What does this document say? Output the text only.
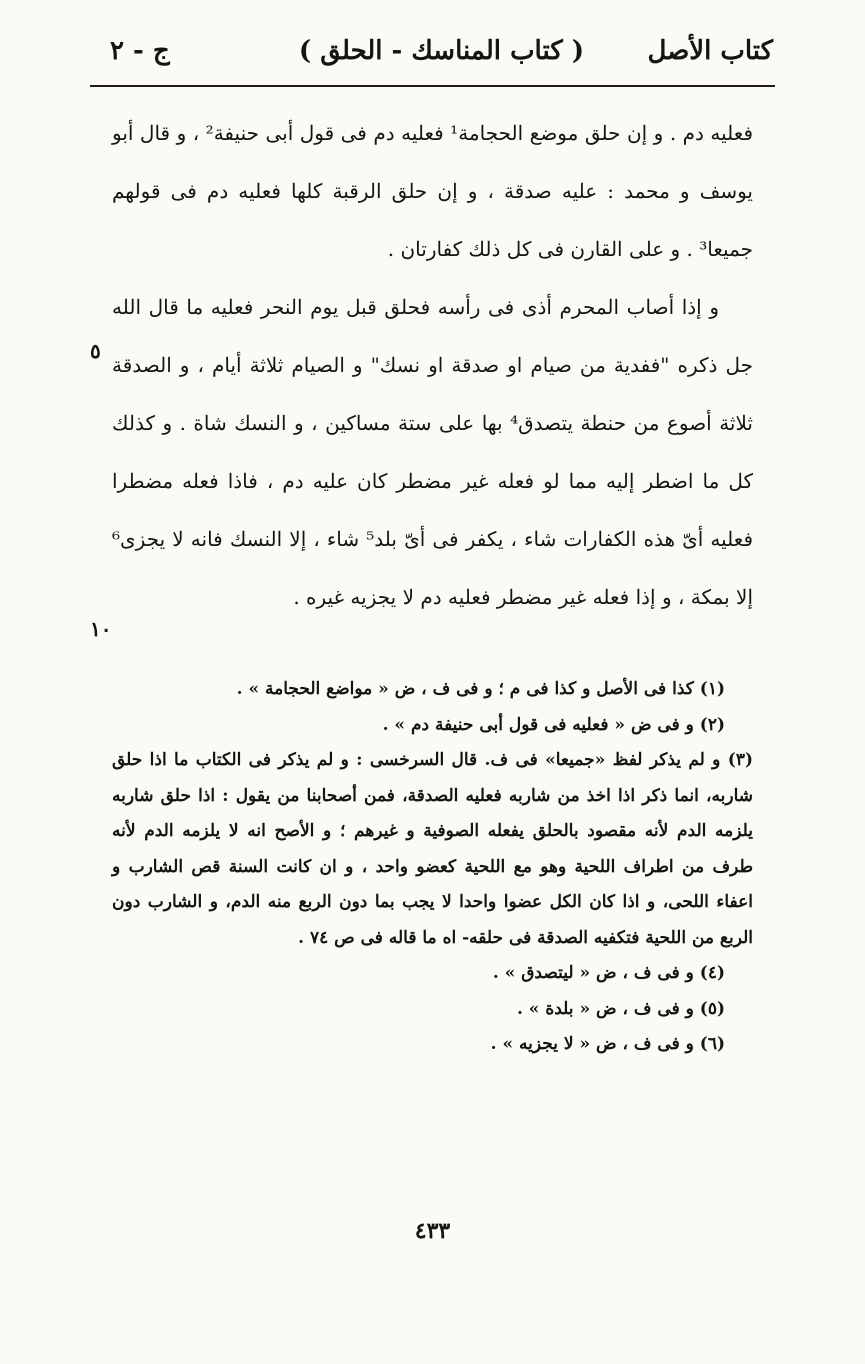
كتاب الأصل
( كتاب المناسك - الحلق )
ج - ٢

فعليه دم . و إن حلق موضع الحجامة¹ فعليه دم فى قول أبى حنيفة² ، و قال أبو يوسف و محمد : عليه صدقة ، و إن حلق الرقبة كلها فعليه دم فى قولهم جميعا³ . و على القارن فى كل ذلك كفارتان .

و إذا أصاب المحرم أذى فى رأسه فحلق قبل يوم النحر فعليه ما قال الله جل ذكره "ففدية من صيام او صدقة او نسك" و الصيام ثلاثة أيام ، و الصدقة ثلاثة أصوع من حنطة يتصدق⁴ بها على ستة مساكين ، و النسك شاة . و كذلك كل ما اضطر إليه مما لو فعله غير مضطر كان عليه دم ، فاذا فعله مضطرا فعليه أىّ هذه الكفارات شاء ، يكفر فى أىّ بلد⁵ شاء ، إلا النسك فانه لا يجزى⁶ إلا بمكة ، و إذا فعله غير مضطر فعليه دم لا يجزيه غيره .

٥
١٠

(١) كذا فى الأصل و كذا فى م ؛ و فى ف ، ض « مواضع الحجامة » .

(٢) و فى ض « فعليه فى قول أبى حنيفة دم » .

(٣) و لم يذكر لفظ «جميعا» فى ف. قال السرخسى : و لم يذكر فى الكتاب ما اذا حلق شاربه، انما ذكر اذا اخذ من شاربه فعليه الصدقة، فمن أصحابنا من يقول : اذا حلق شاربه يلزمه الدم لأنه مقصود بالحلق يفعله الصوفية و غيرهم ؛ و الأصح انه لا يلزمه الدم لأنه طرف من اطراف اللحية وهو مع اللحية كعضو واحد ، و ان كانت السنة قص الشارب و اعفاء اللحى، و اذا كان الكل عضوا واحدا لا يجب بما دون الربع منه الدم، و الشارب دون الربع من اللحية فتكفيه الصدقة فى حلقه- اه ما قاله فى ص ٧٤ .

(٤) و فى ف ، ض « ليتصدق » .

(٥) و فى ف ، ض « بلدة » .

(٦) و فى ف ، ض « لا يجزيه » .

٤٣٣
